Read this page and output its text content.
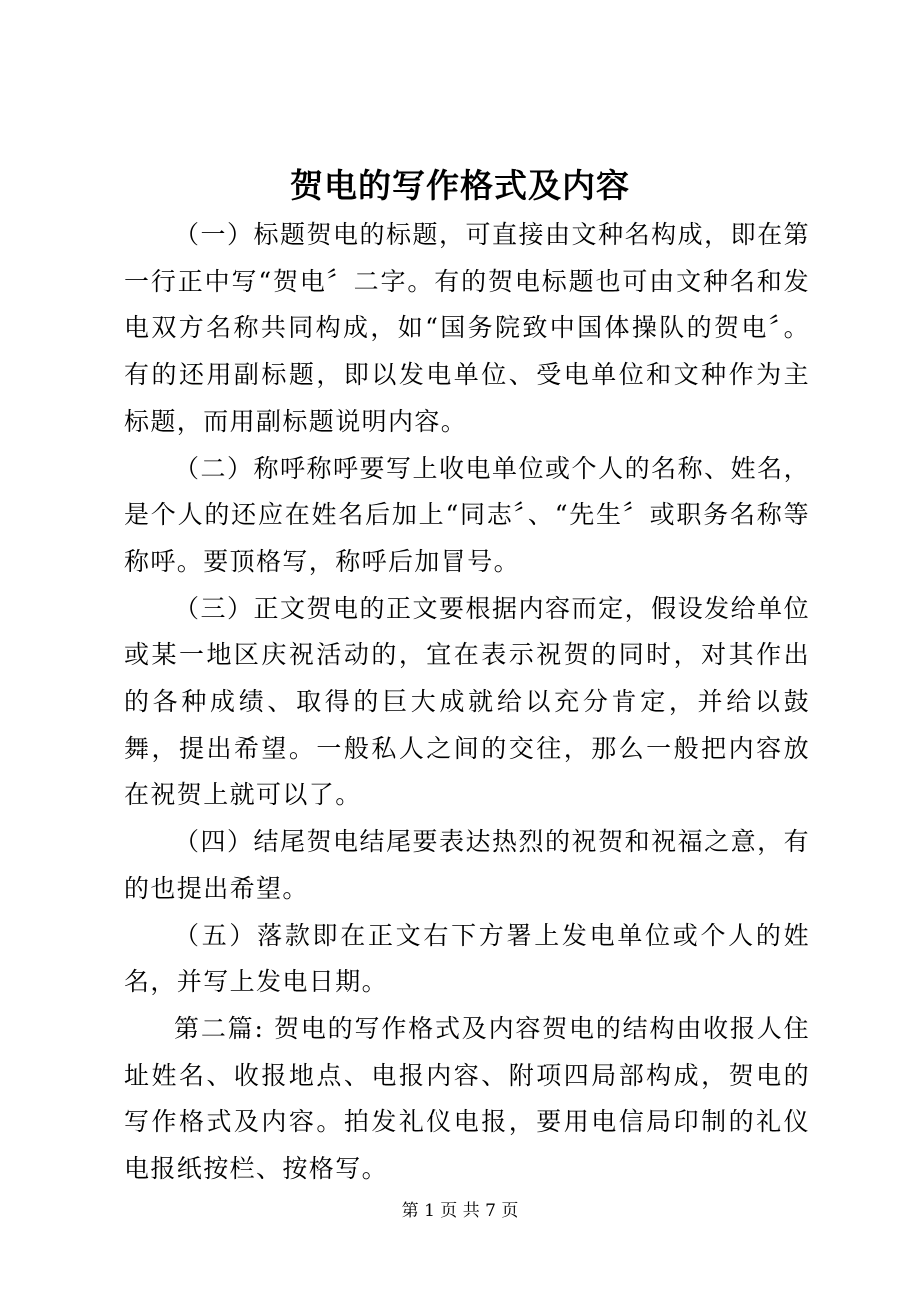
贺电的写作格式及内容

（一）标题贺电的标题，可直接由文种名构成，即在第一行正中写“贺电〞二字。有的贺电标题也可由文种名和发电双方名称共同构成，如“国务院致中国体操队的贺电〞。有的还用副标题，即以发电单位、受电单位和文种作为主标题，而用副标题说明内容。

（二）称呼称呼要写上收电单位或个人的名称、姓名，是个人的还应在姓名后加上“同志〞、“先生〞或职务名称等称呼。要顶格写，称呼后加冒号。

（三）正文贺电的正文要根据内容而定，假设发给单位或某一地区庆祝活动的，宜在表示祝贺的同时，对其作出的各种成绩、取得的巨大成就给以充分肯定，并给以鼓舞，提出希望。一般私人之间的交往，那么一般把内容放在祝贺上就可以了。

（四）结尾贺电结尾要表达热烈的祝贺和祝福之意，有的也提出希望。

（五）落款即在正文右下方署上发电单位或个人的姓名，并写上发电日期。

第二篇: 贺电的写作格式及内容贺电的结构由收报人住址姓名、收报地点、电报内容、附项四局部构成，贺电的写作格式及内容。拍发礼仪电报，要用电信局印制的礼仪电报纸按栏、按格写。

第 1 页 共 7 页
